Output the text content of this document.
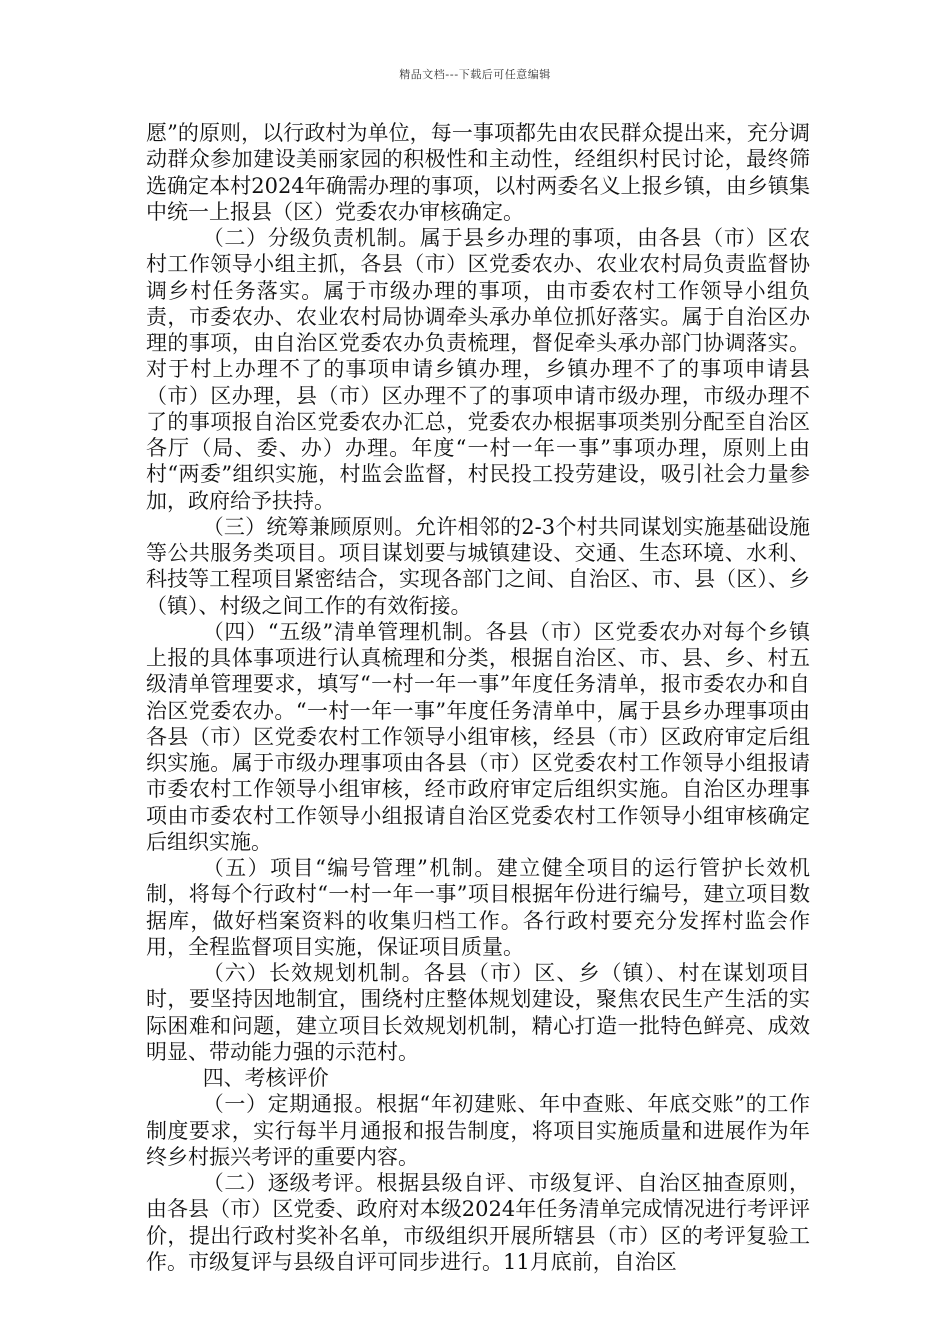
精品文档---下载后可任意编辑

愿”的原则，以行政村为单位，每一事项都先由农民群众提出来，充分调动群众参加建设美丽家园的积极性和主动性，经组织村民讨论，最终筛选确定本村2024年确需办理的事项，以村两委名义上报乡镇，由乡镇集中统一上报县（区）党委农办审核确定。

（二）分级负责机制。属于县乡办理的事项，由各县（市）区农村工作领导小组主抓，各县（市）区党委农办、农业农村局负责监督协调乡村任务落实。属于市级办理的事项，由市委农村工作领导小组负责，市委农办、农业农村局协调牵头承办单位抓好落实。属于自治区办理的事项，由自治区党委农办负责梳理，督促牵头承办部门协调落实。对于村上办理不了的事项申请乡镇办理，乡镇办理不了的事项申请县（市）区办理，县（市）区办理不了的事项申请市级办理，市级办理不了的事项报自治区党委农办汇总，党委农办根据事项类别分配至自治区各厅（局、委、办）办理。年度“一村一年一事”事项办理，原则上由村“两委”组织实施，村监会监督，村民投工投劳建设，吸引社会力量参加，政府给予扶持。

（三）统筹兼顾原则。允许相邻的2-3个村共同谋划实施基础设施等公共服务类项目。项目谋划要与城镇建设、交通、生态环境、水利、科技等工程项目紧密结合，实现各部门之间、自治区、市、县（区）、乡（镇）、村级之间工作的有效衔接。

（四）“五级”清单管理机制。各县（市）区党委农办对每个乡镇上报的具体事项进行认真梳理和分类，根据自治区、市、县、乡、村五级清单管理要求，填写“一村一年一事”年度任务清单，报市委农办和自治区党委农办。“一村一年一事”年度任务清单中，属于县乡办理事项由各县（市）区党委农村工作领导小组审核，经县（市）区政府审定后组织实施。属于市级办理事项由各县（市）区党委农村工作领导小组报请市委农村工作领导小组审核，经市政府审定后组织实施。自治区办理事项由市委农村工作领导小组报请自治区党委农村工作领导小组审核确定后组织实施。

（五）项目“编号管理”机制。建立健全项目的运行管护长效机制，将每个行政村“一村一年一事”项目根据年份进行编号，建立项目数据库，做好档案资料的收集归档工作。各行政村要充分发挥村监会作用，全程监督项目实施，保证项目质量。

（六）长效规划机制。各县（市）区、乡（镇）、村在谋划项目时，要坚持因地制宜，围绕村庄整体规划建设，聚焦农民生产生活的实际困难和问题，建立项目长效规划机制，精心打造一批特色鲜亮、成效明显、带动能力强的示范村。

四、考核评价

（一）定期通报。根据“年初建账、年中查账、年底交账”的工作制度要求，实行每半月通报和报告制度，将项目实施质量和进展作为年终乡村振兴考评的重要内容。

（二）逐级考评。根据县级自评、市级复评、自治区抽查原则，由各县（市）区党委、政府对本级2024年任务清单完成情况进行考评评价，提出行政村奖补名单，市级组织开展所辖县（市）区的考评复验工作。市级复评与县级自评可同步进行。11月底前，自治区
